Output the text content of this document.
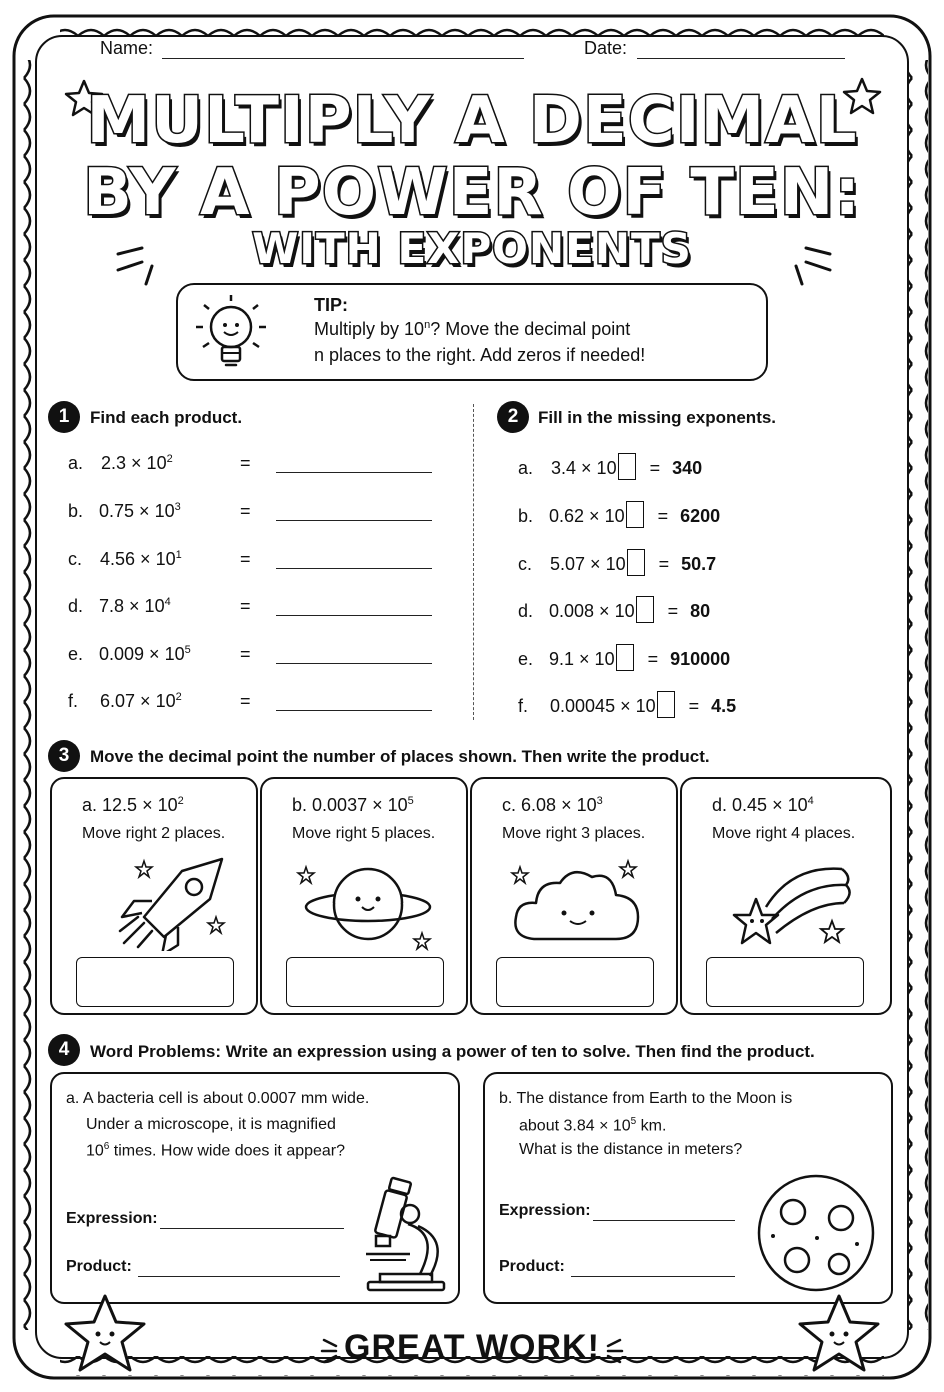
Name:	Date:
MULTIPLY A DECIMAL
BY A POWER OF TEN:
WITH EXPONENTS
TIP:
Multiply by 10$^n$? Move the decimal point
n places to the right. Add zeros if needed!
1	Find each product.
a. $2.3 \times 10^2$	=
b. $0.75 \times 10^3$	=
c. $4.56 \times 10^1$	=
d. $7.8 \times 10^4$	=
e. $0.009 \times 10^5$	=
f. $6.07 \times 10^2$	=
2	Fill in the missing exponents.
a. 3.4 × 10 = 340
b. 0.62 × 10 = 6200
c. 5.07 × 10 = 50.7
d. 0.008 × 10 = 80
e. 9.1 × 10 = 910000
f. 0.00045 × 10 = 4.5
3	Move the decimal point the number of places shown. Then write the product.
a. $12.5 \times 10^2$
Move right 2 places.
b. $0.0037 \times 10^5$
Move right 5 places.
c. $6.08 \times 10^3$
Move right 3 places.
d. $0.45 \times 10^4$
Move right 4 places.
4	Word Problems: Write an expression using a power of ten to solve. Then find the product.
a. A bacteria cell is about 0.0007 mm wide.
Under a microscope, it is magnified
$10^6$ times. How wide does it appear?
Expression:
Product:
b. The distance from Earth to the Moon is
about $3.84 \times 10^5$ km.
What is the distance in meters?
Expression:
Product:
GREAT WORK!
